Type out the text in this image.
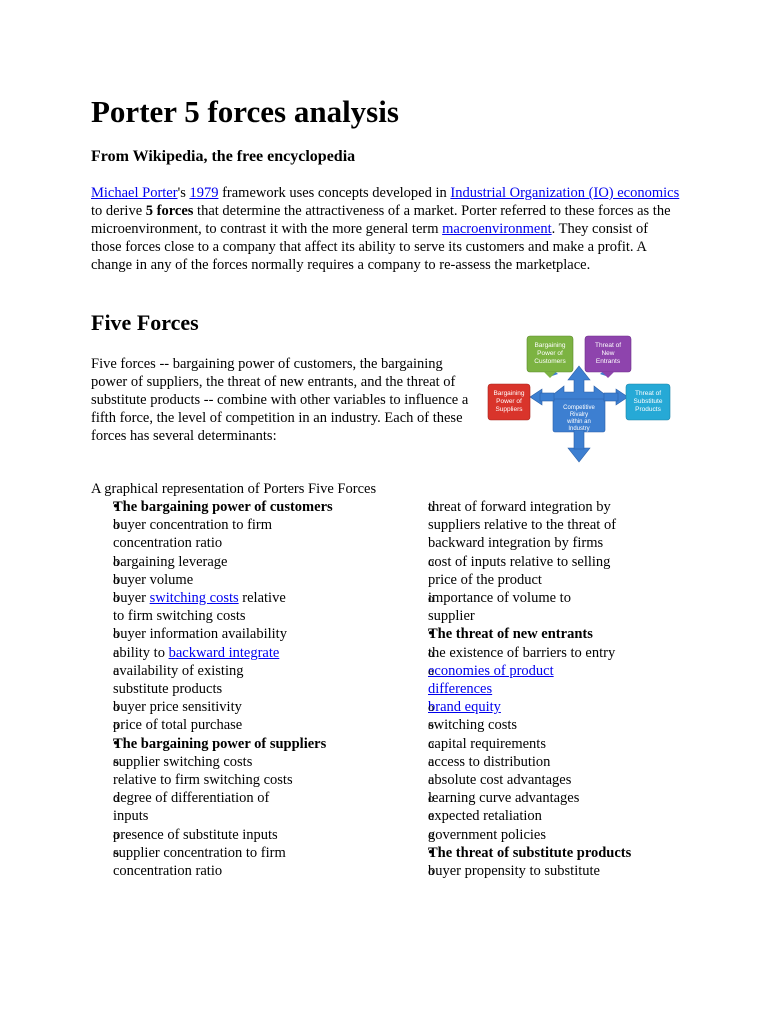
Porter 5 forces analysis

From Wikipedia, the free encyclopedia

Michael Porter's 1979 framework uses concepts developed in Industrial Organization (IO) economics to derive 5 forces that determine the attractiveness of a market. Porter referred to these forces as the microenvironment, to contrast it with the more general term macroenvironment. They consist of those forces close to a company that affect its ability to serve its customers and make a profit. A change in any of the forces normally requires a company to re-assess the marketplace.

Five Forces

Five forces -- bargaining power of customers, the bargaining power of suppliers, the threat of new entrants, and the threat of substitute products -- combine with other variables to influence a fifth force, the level of competition in an industry. Each of these forces has several determinants:

Bargaining
Power of
Customers
Threat of
New
Entrants
Bargaining
Power of
Suppliers
Threat of
Substitute
Products
Competitive
Rivalry
within an
Industry

A graphical representation of Porters Five Forces

• The bargaining power of customers
o buyer concentration to firm concentration ratio
o bargaining leverage
o buyer volume
o buyer switching costs relative to firm switching costs
o buyer information availability
o ability to backward integrate
o availability of existing substitute products
o buyer price sensitivity
o price of total purchase
• The bargaining power of suppliers
o supplier switching costs relative to firm switching costs
o degree of differentiation of inputs
o presence of substitute inputs
o supplier concentration to firm concentration ratio
o threat of forward integration by suppliers relative to the threat of backward integration by firms
o cost of inputs relative to selling price of the product
o importance of volume to supplier
• The threat of new entrants
o the existence of barriers to entry
o economies of product differences
o brand equity
o switching costs
o capital requirements
o access to distribution
o absolute cost advantages
o learning curve advantages
o expected retaliation
o government policies
• The threat of substitute products
o buyer propensity to substitute
